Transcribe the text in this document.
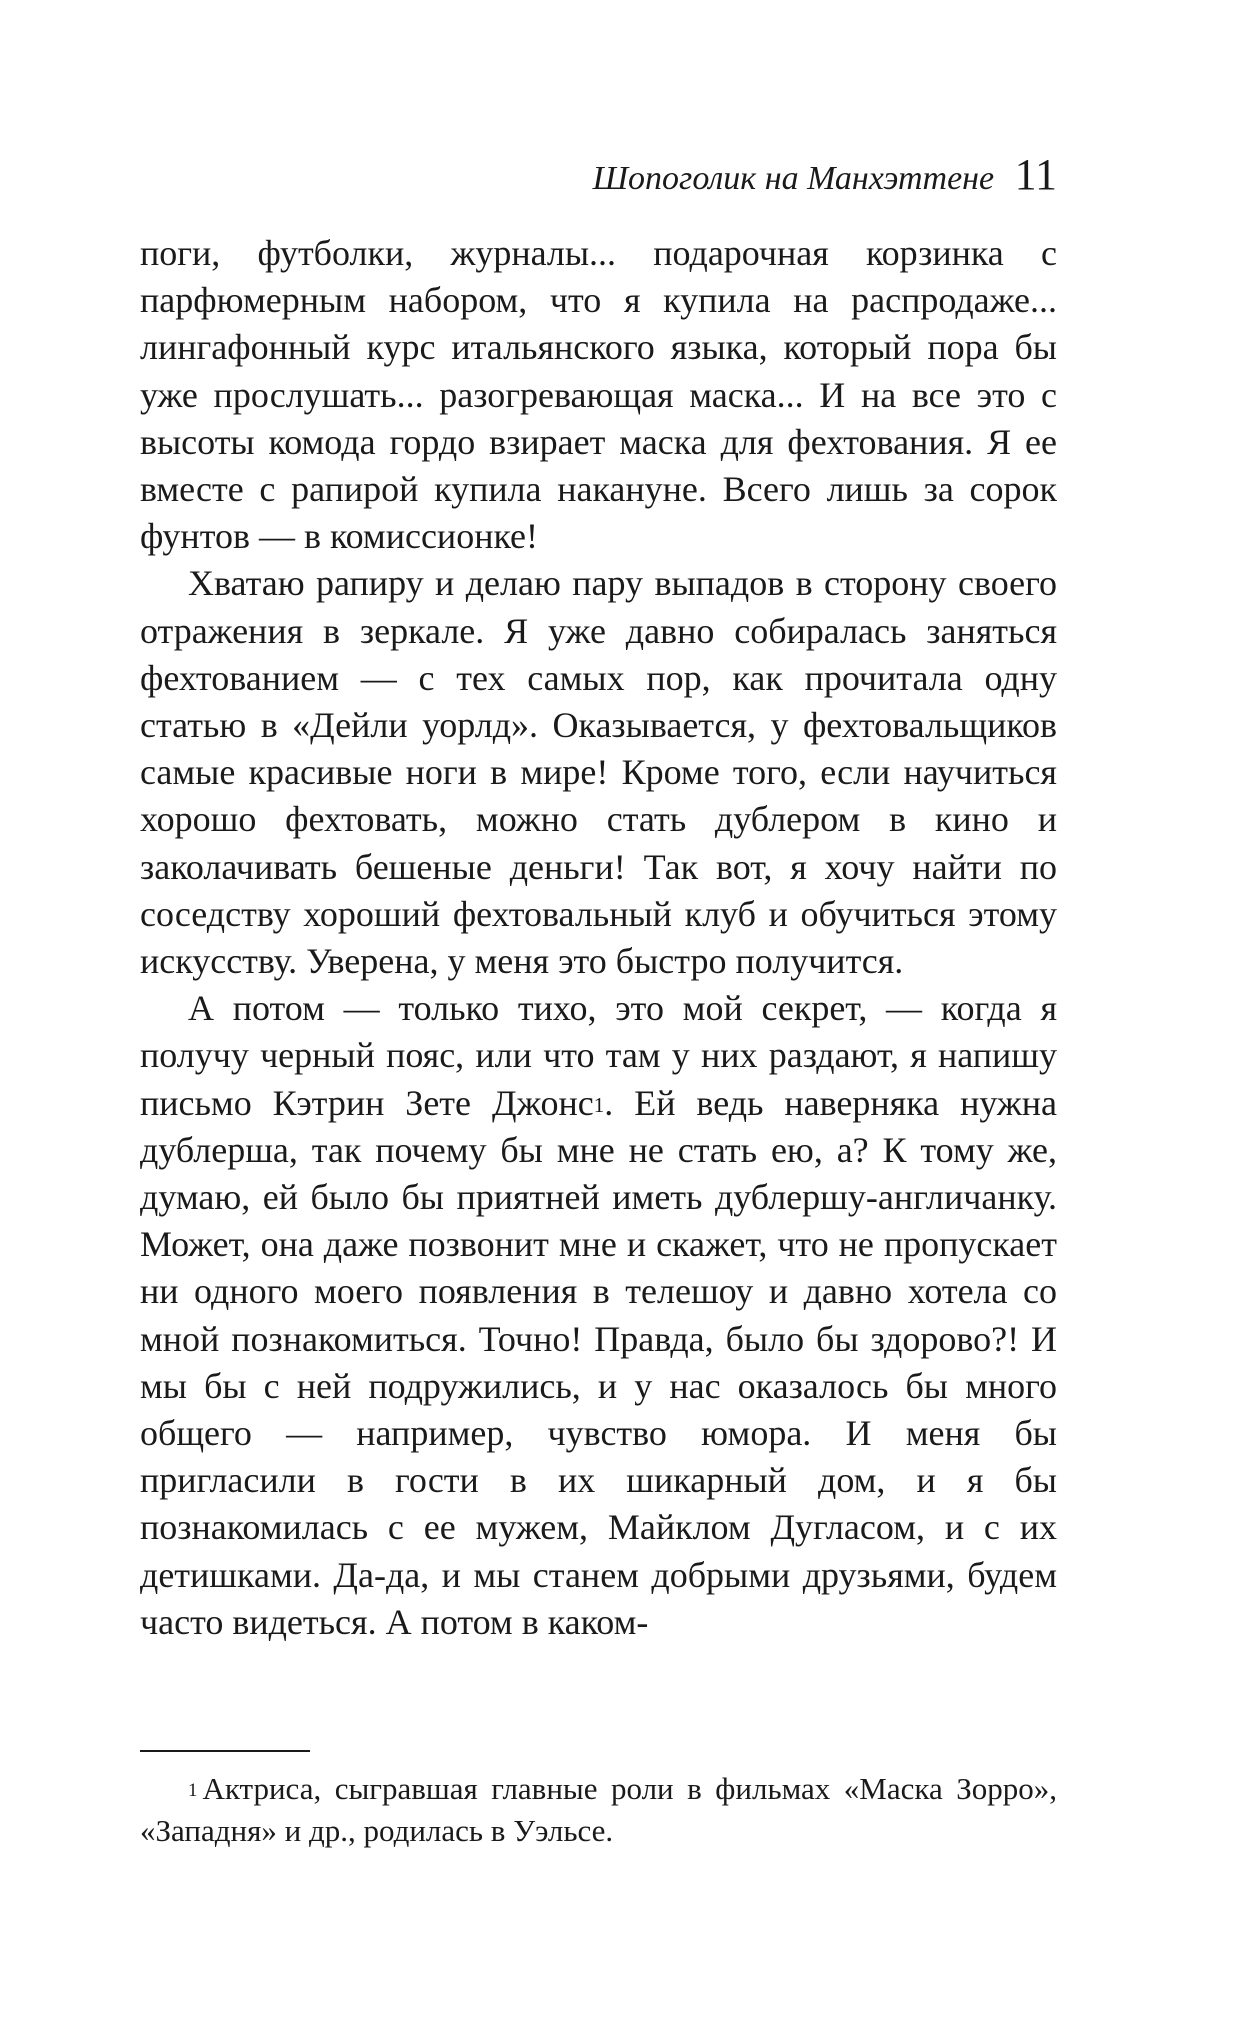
Шопоголик на Манхэттене 11

поги, футболки, журналы... подарочная корзинка с парфюмерным набором, что я купила на распродаже... лингафонный курс итальянского языка, который пора бы уже прослушать... разогревающая маска... И на все это с высоты комода гордо взирает маска для фехтования. Я ее вместе с рапирой купила накануне. Всего лишь за сорок фунтов — в комиссионке!

Хватаю рапиру и делаю пару выпадов в сторону своего отражения в зеркале. Я уже давно собиралась заняться фехтованием — с тех самых пор, как прочитала одну статью в «Дейли уорлд». Оказывается, у фехтовальщиков самые красивые ноги в мире! Кроме того, если научиться хорошо фехтовать, можно стать дублером в кино и заколачивать бешеные деньги! Так вот, я хочу найти по соседству хороший фехтовальный клуб и обучиться этому искусству. Уверена, у меня это быстро получится.

А потом — только тихо, это мой секрет, — когда я получу черный пояс, или что там у них раздают, я напишу письмо Кэтрин Зете Джонс$^1$. Ей ведь наверняка нужна дублерша, так почему бы мне не стать ею, а? К тому же, думаю, ей было бы приятней иметь дублершу-англичанку. Может, она даже позвонит мне и скажет, что не пропускает ни одного моего появления в телешоу и давно хотела со мной познакомиться. Точно! Правда, было бы здорово?! И мы бы с ней подружились, и у нас оказалось бы много общего — например, чувство юмора. И меня бы пригласили в гости в их шикарный дом, и я бы познакомилась с ее мужем, Майклом Дугласом, и с их детишками. Да-да, и мы станем добрыми друзьями, будем часто видеться. А потом в каком-

$^1$ Актриса, сыгравшая главные роли в фильмах «Маска Зорро», «Западня» и др., родилась в Уэльсе.
